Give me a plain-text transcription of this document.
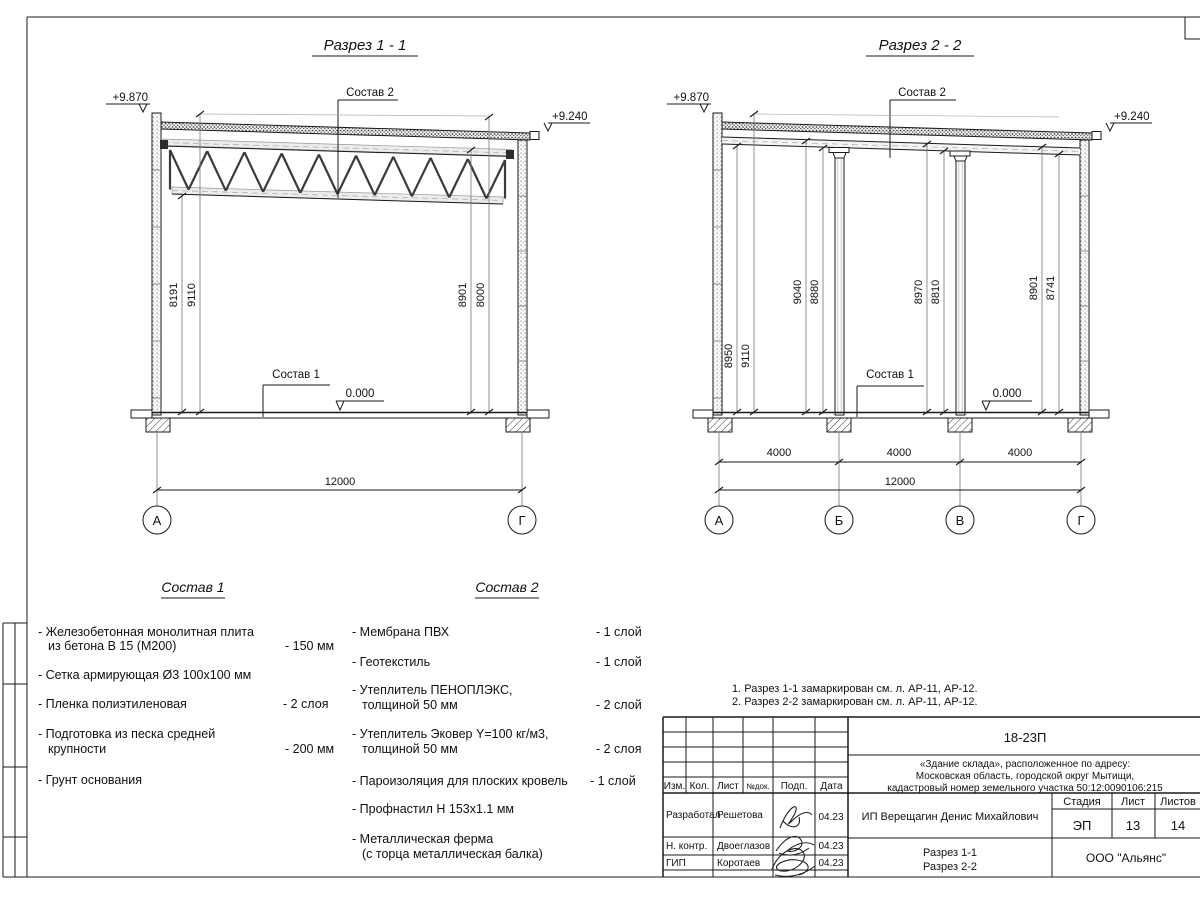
Разрез 1 - 1
+9.870
+9.240
Состав 2
Состав 1
0.000
8191 9110	8901 8000
12000
А	Г
Разрез 2 - 2
+9.870
+9.240
Состав 2
Состав 1
0.000
8950 9110
9040 8880	8970 8810	8901 8741
4000	4000	4000
12000
А	Б	В	Г
Состав 1
- Железобетонная монолитная плита
из бетона В 15 (М200)	- 150 мм
- Сетка армирующая Ø3 100х100 мм
- Пленка полиэтиленовая	- 2 слоя
- Подготовка из песка средней
крупности	- 200 мм
- Грунт основания
Состав 2
- Мембрана ПВХ	- 1 слой
- Геотекстиль	- 1 слой
- Утеплитель ПЕНОПЛЭКС,
толщиной 50 мм	- 2 слой
- Утеплитель Эковер Y=100 кг/м3,
толщиной 50 мм	- 2 слоя
- Пароизоляция для плоских кровель - 1 слой
- Профнастил Н 153х1.1 мм
- Металлическая ферма
(с торца металлическая балка)
1. Разрез 1-1 замаркирован см. л. АР-11, АР-12.
2. Разрез 2-2 замаркирован см. л. АР-11, АР-12.
Изм. Кол. Лист №док. Подп. Дата
Разработал
Решетова	04.23
Н. контр. Двоеглазов	04.23
ГИП	Коротаев	04.23
18-23П
«Здание склада», расположенное по адресу:
Московская область, городской округ Мытищи,
кадастровый номер земельного участка 50:12:0090106:215
ИП Верещагин Денис Михайлович
Стадия Лист Листов
ЭП	13 14
Разрез 1-1
Разрез 2-2
ООО "Альянс"
